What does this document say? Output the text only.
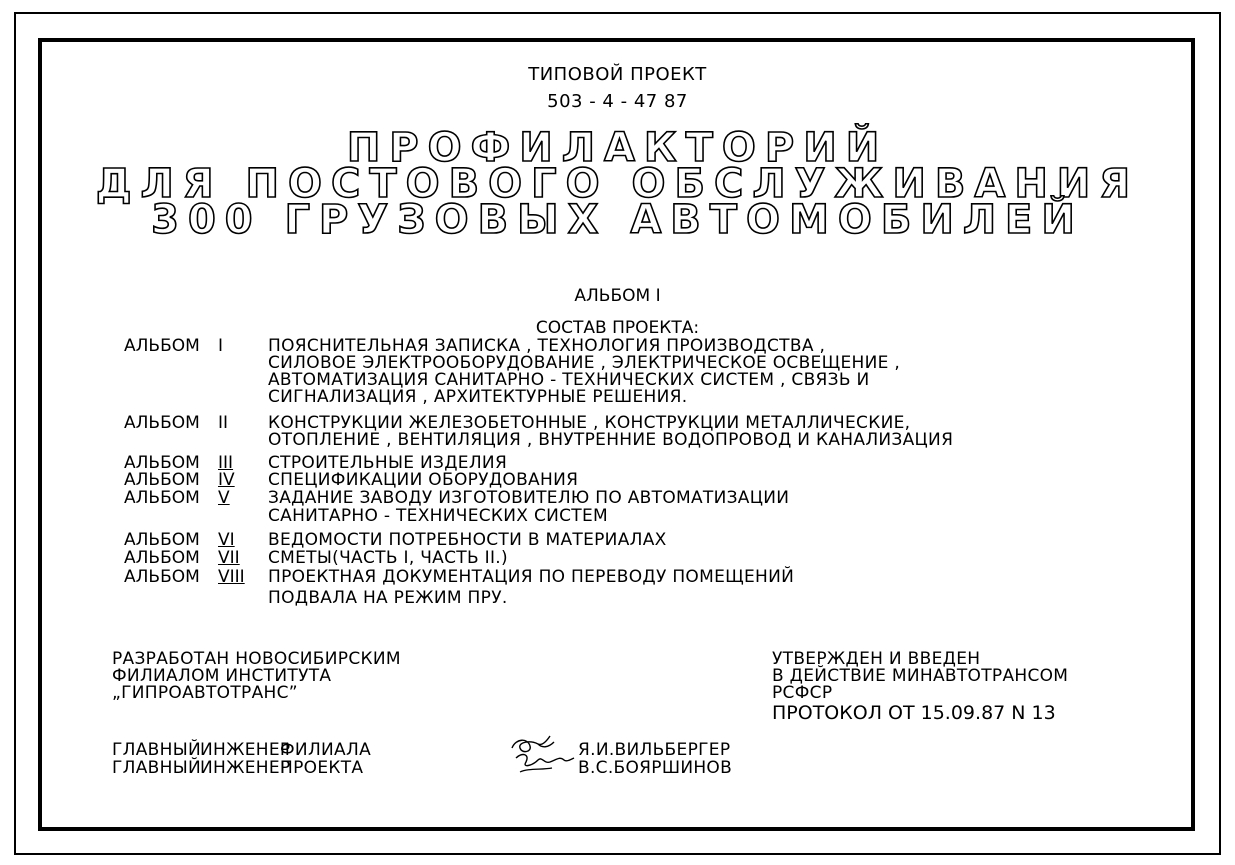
ТИПОВОЙ ПРОЕКТ
503 - 4 - 47 87
ПРОФИЛАКТОРИЙ
ДЛЯ ПОСТОВОГО ОБСЛУЖИВАНИЯ
300 ГРУЗОВЫХ АВТОМОБИЛЕЙ
АЛЬБОМ I
СОСТАВ ПРОЕКТА:
АЛЬБОМ I	ПОЯСНИТЕЛЬНАЯ ЗАПИСКА , ТЕХНОЛОГИЯ ПРОИЗВОДСТВА ,
СИЛОВОЕ ЭЛЕКТРООБОРУДОВАНИЕ , ЭЛЕКТРИЧЕСКОЕ ОСВЕЩЕНИЕ ,
АВТОМАТИЗАЦИЯ САНИТАРНО - ТЕХНИЧЕСКИХ СИСТЕМ , СВЯЗЬ И
СИГНАЛИЗАЦИЯ , АРХИТЕКТУРНЫЕ РЕШЕНИЯ.
АЛЬБОМ II КОНСТРУКЦИИ ЖЕЛЕЗОБЕТОННЫЕ , КОНСТРУКЦИИ МЕТАЛЛИЧЕСКИЕ,
ОТОПЛЕНИЕ , ВЕНТИЛЯЦИЯ , ВНУТРЕННИЕ ВОДОПРОВОД И КАНАЛИЗАЦИЯ
АЛЬБОМ III СТРОИТЕЛЬНЫЕ ИЗДЕЛИЯ
АЛЬБОМ IV СПЕЦИФИКАЦИИ ОБОРУДОВАНИЯ
АЛЬБОМ V ЗАДАНИЕ ЗАВОДУ ИЗГОТОВИТЕЛЮ ПО АВТОМАТИЗАЦИИ
САНИТАРНО - ТЕХНИЧЕСКИХ СИСТЕМ
АЛЬБОМ VI ВЕДОМОСТИ ПОТРЕБНОСТИ В МАТЕРИАЛАХ
АЛЬБОМ VII СМЕТЫ(ЧАСТЬ I, ЧАСТЬ II.)
АЛЬБОМ VIII ПРОЕКТНАЯ ДОКУМЕНТАЦИЯ ПО ПЕРЕВОДУ ПОМЕЩЕНИЙ
ПОДВАЛА НА РЕЖИМ ПРУ.
РАЗРАБОТАН НОВОСИБИРСКИМ
ФИЛИАЛОМ ИНСТИТУТА
„ГИПРОАВТОТРАНС”
УТВЕРЖДЕН И ВВЕДЕН
В ДЕЙСТВИЕ МИНАВТОТРАНСОМ
РСФСР
ПРОТОКОЛ ОТ 15.09.87 N 13
ГЛАВНЫЙ
ИНЖЕНЕР
ФИЛИАЛА	Я.И.ВИЛЬБЕРГЕР
ГЛАВНЫЙ
ИНЖЕНЕР
ПРОЕКТА	В.С.БОЯРШИНОВ
